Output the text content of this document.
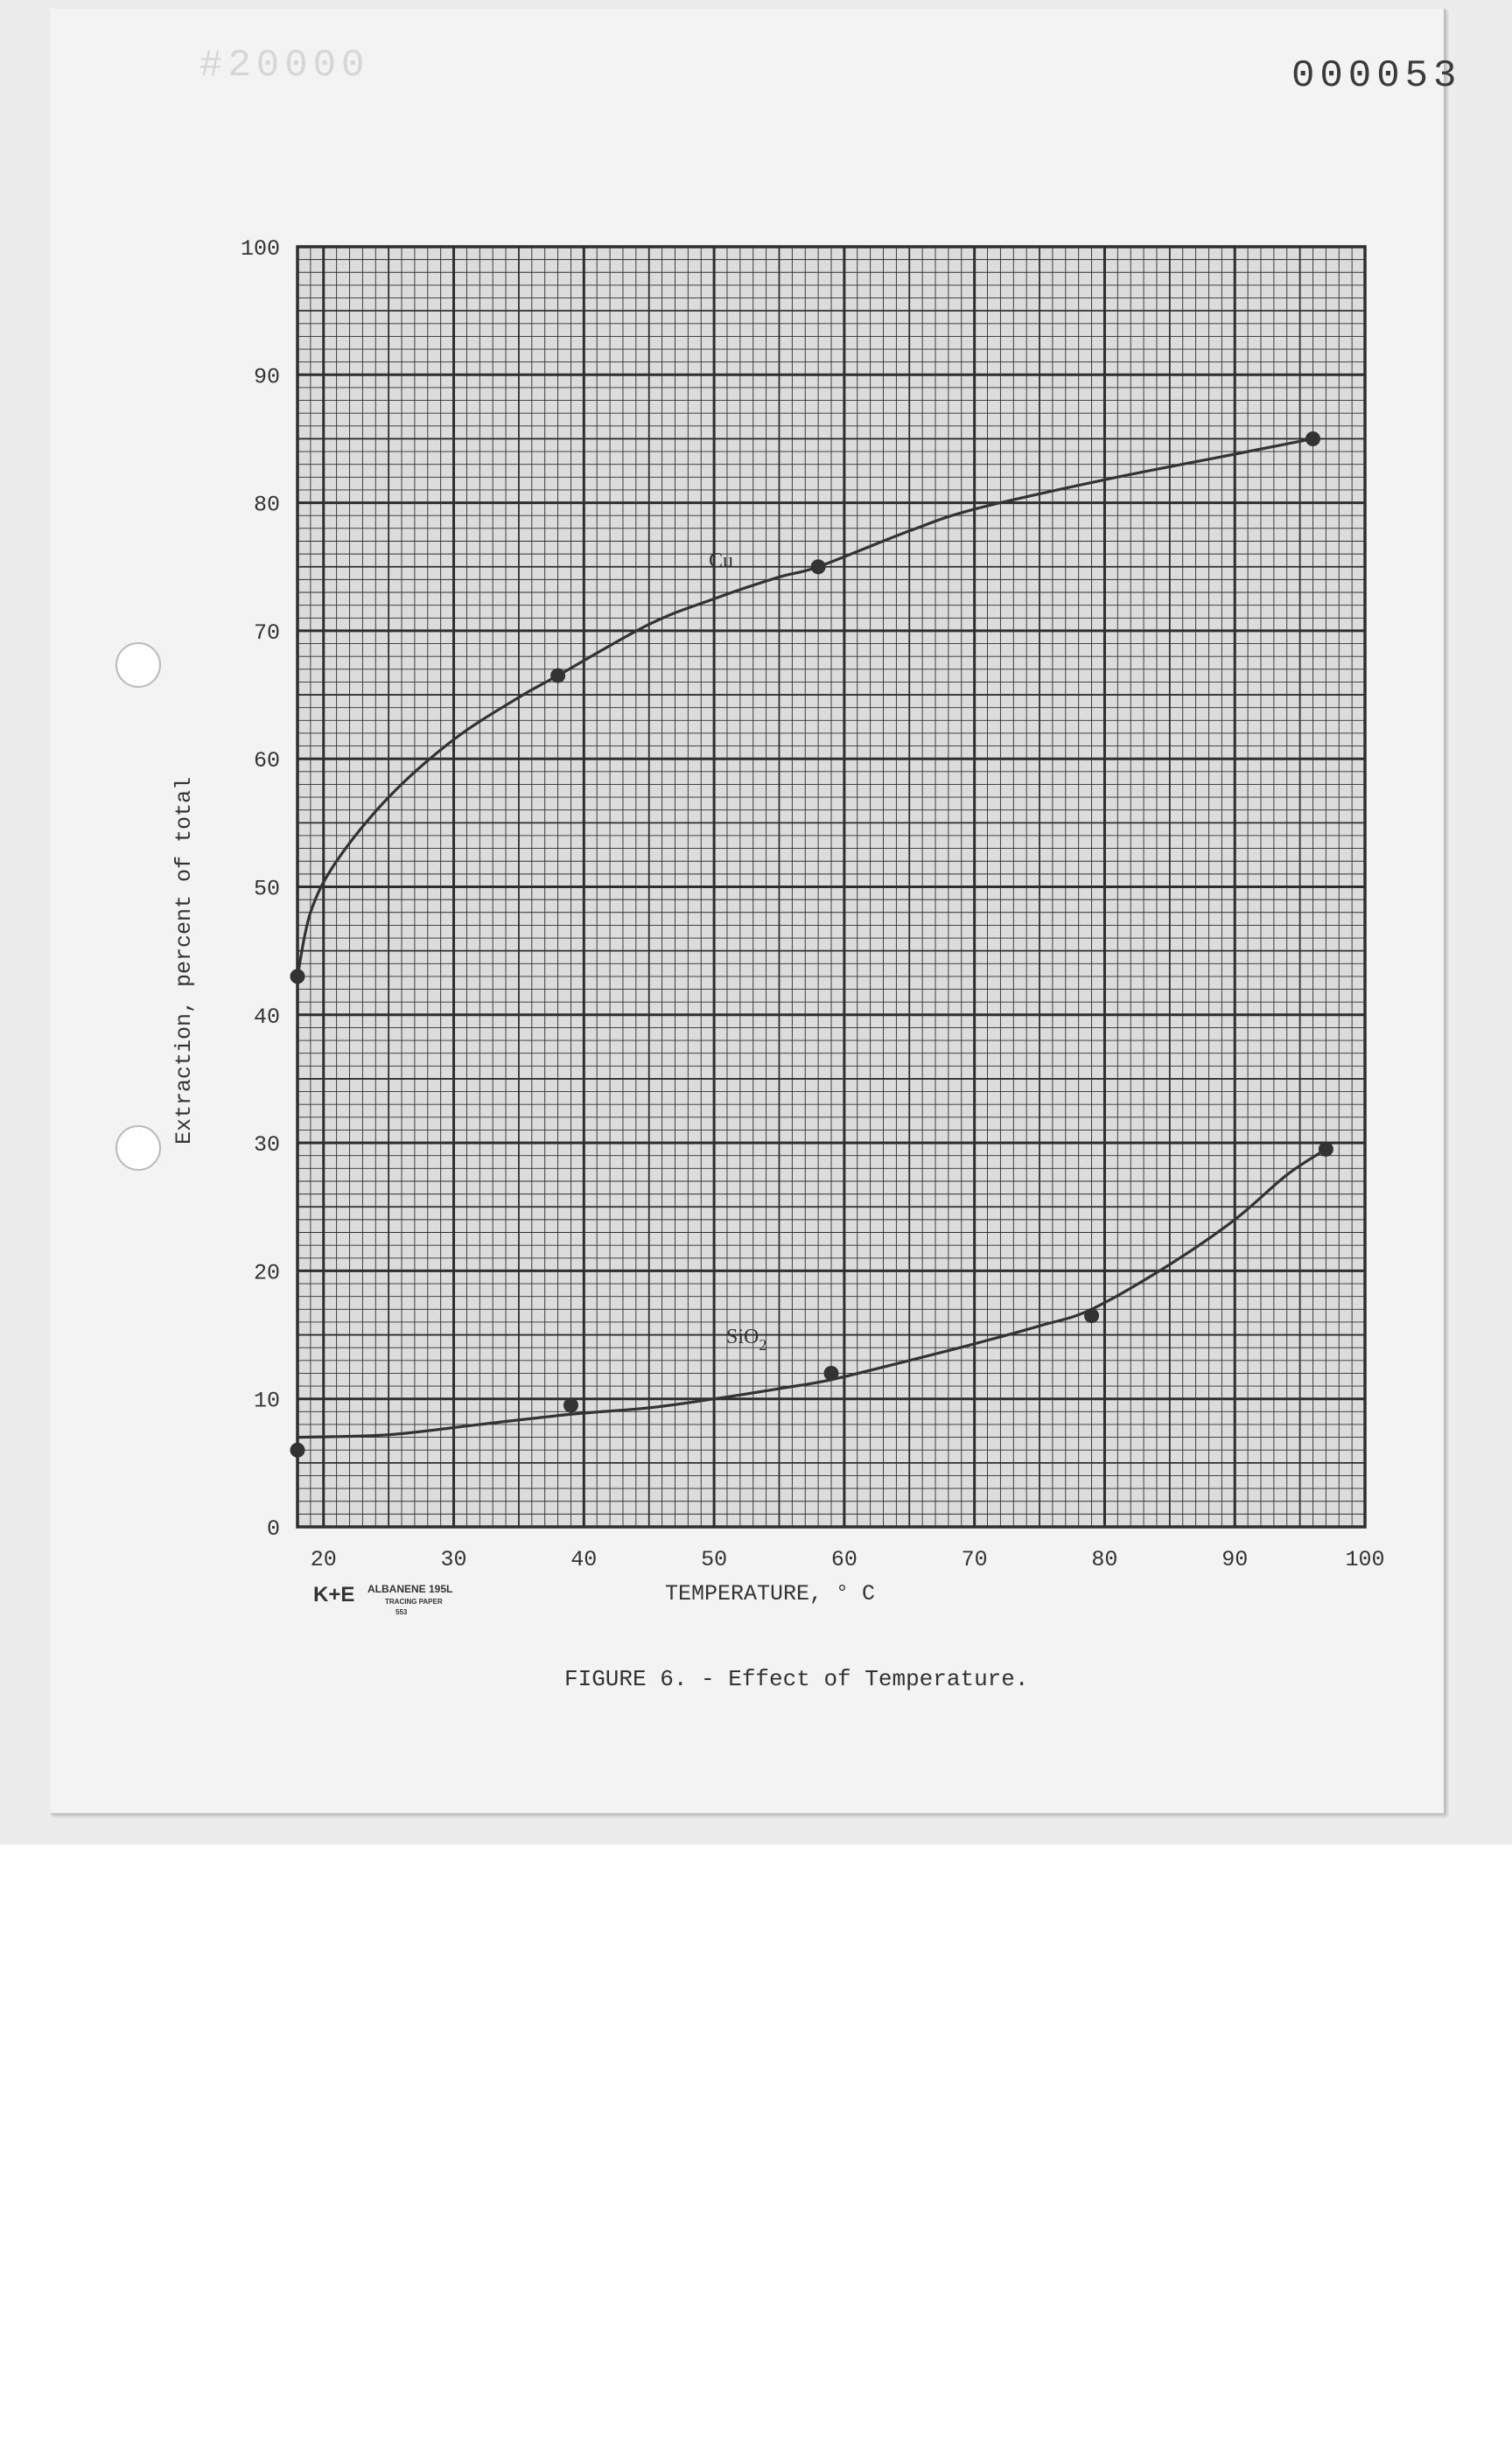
#20000	000053
20	30	40	50	60	70	80	90	100
0
10
20
30
40
50
60
70
80
90
100
TEMPERATURE, ° C
Extraction, percent of total
Cu
SiO$_2$
K+E ALBANENE 195L
TRACING PAPER
553
FIGURE 6. - Effect of Temperature.
